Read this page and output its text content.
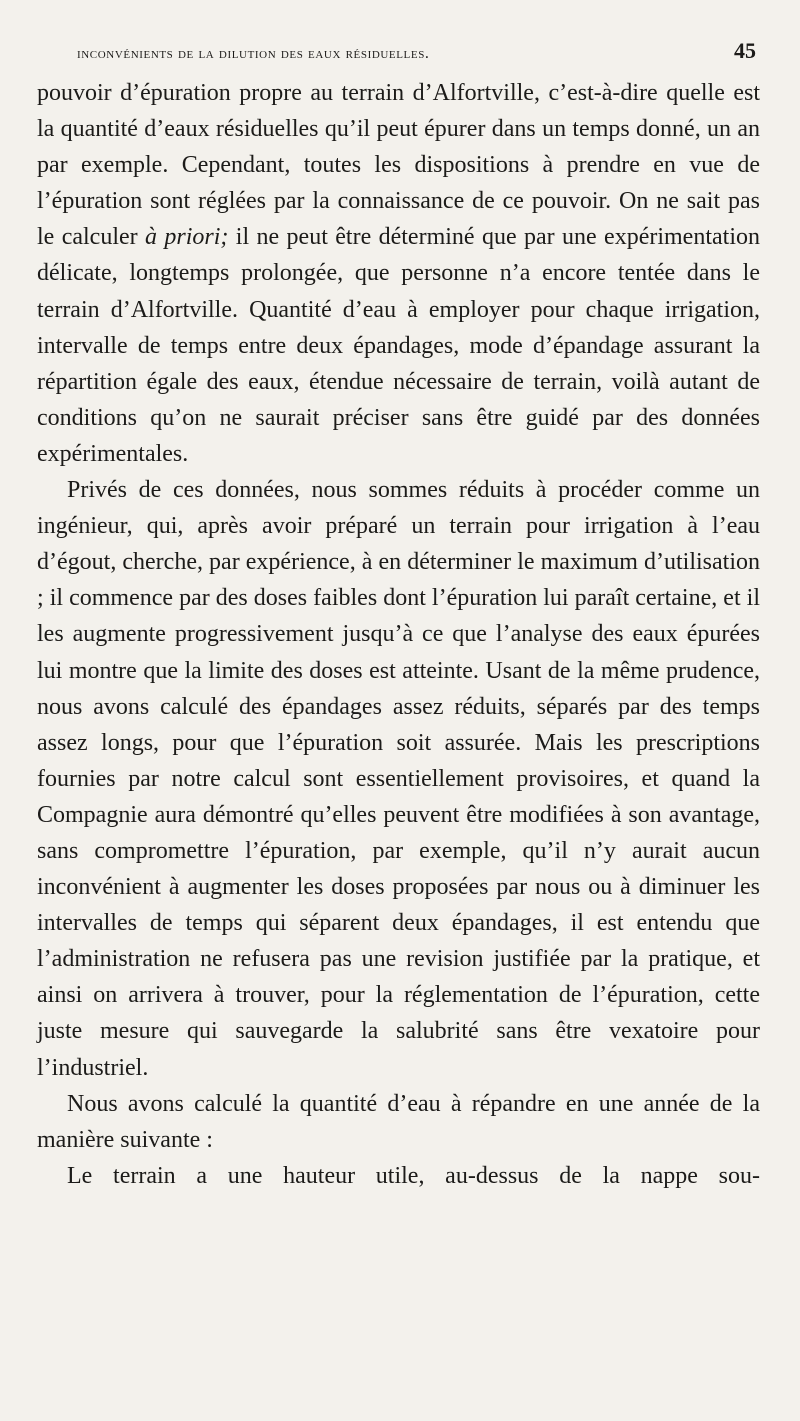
inconvénients de la dilution des eaux résiduelles.	45

pouvoir d’épuration propre au terrain d’Alfortville, c’est-à-dire quelle est la quantité d’eaux résiduelles qu’il peut épurer dans un temps donné, un an par exemple. Cependant, toutes les dispositions à prendre en vue de l’épuration sont réglées par la connaissance de ce pouvoir. On ne sait pas le calculer à priori; il ne peut être déterminé que par une expérimentation délicate, longtemps prolongée, que personne n’a encore tentée dans le terrain d’Alfortville. Quantité d’eau à employer pour chaque irrigation, intervalle de temps entre deux épandages, mode d’épandage assurant la répartition égale des eaux, étendue nécessaire de terrain, voilà autant de conditions qu’on ne saurait préciser sans être guidé par des données expérimentales.

Privés de ces données, nous sommes réduits à procéder comme un ingénieur, qui, après avoir préparé un terrain pour irrigation à l’eau d’égout, cherche, par expérience, à en déterminer le maximum d’utilisation ; il commence par des doses faibles dont l’épuration lui paraît certaine, et il les augmente progressivement jusqu’à ce que l’analyse des eaux épurées lui montre que la limite des doses est atteinte. Usant de la même prudence, nous avons calculé des épandages assez réduits, séparés par des temps assez longs, pour que l’épuration soit assurée. Mais les prescriptions fournies par notre calcul sont essentiellement provisoires, et quand la Compagnie aura démontré qu’elles peuvent être modifiées à son avantage, sans compromettre l’épuration, par exemple, qu’il n’y aurait aucun inconvénient à augmenter les doses proposées par nous ou à diminuer les intervalles de temps qui séparent deux épandages, il est entendu que l’administration ne refusera pas une revision justifiée par la pratique, et ainsi on arrivera à trouver, pour la réglementation de l’épuration, cette juste mesure qui sauvegarde la salubrité sans être vexatoire pour l’industriel.

Nous avons calculé la quantité d’eau à répandre en une année de la manière suivante :

Le terrain a une hauteur utile, au-dessus de la nappe sou-
